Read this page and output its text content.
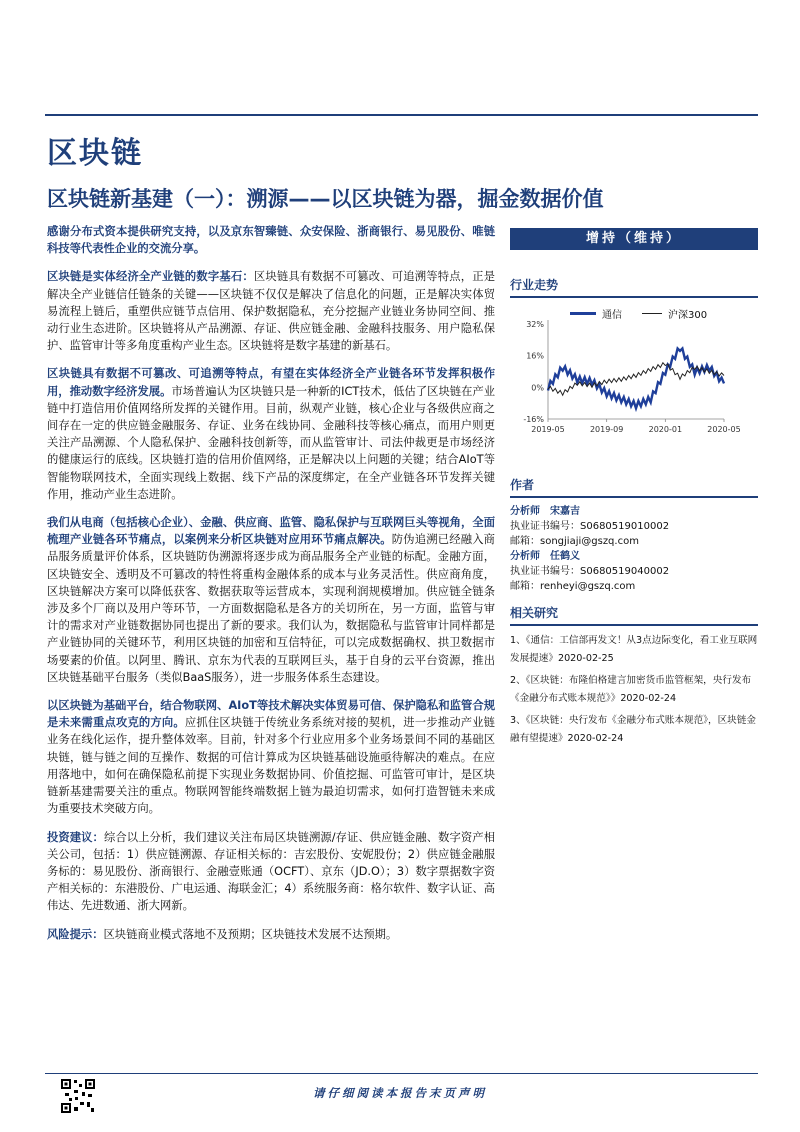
区块链
区块链新基建（一）：溯源——以区块链为器，掘金数据价值

感谢分布式资本提供研究支持，以及京东智臻链、众安保险、浙商银行、易见股份、唯链科技等代表性企业的交流分享。

区块链是实体经济全产业链的数字基石：区块链具有数据不可篡改、可追溯等特点，正是解决全产业链信任链条的关键——区块链不仅仅是解决了信息化的问题，正是解决实体贸易流程上链后，重塑供应链节点信用、保护数据隐私，充分挖掘产业链业务协同空间、推动行业生态进阶。区块链将从产品溯源、存证、供应链金融、金融科技服务、用户隐私保护、监管审计等多角度重构产业生态。区块链将是数字基建的新基石。

区块链具有数据不可篡改、可追溯等特点，有望在实体经济全产业链各环节发挥积极作用，推动数字经济发展。市场普遍认为区块链只是一种新的ICT技术，低估了区块链在产业链中打造信用价值网络所发挥的关键作用。目前，纵观产业链，核心企业与各级供应商之间存在一定的供应链金融服务、存证、业务在线协同、金融科技等核心痛点，而用户则更关注产品溯源、个人隐私保护、金融科技创新等，而从监管审计、司法仲裁更是市场经济的健康运行的底线。区块链打造的信用价值网络，正是解决以上问题的关键；结合AIoT等智能物联网技术，全面实现线上数据、线下产品的深度绑定，在全产业链各环节发挥关键作用，推动产业生态进阶。

我们从电商（包括核心企业）、金融、供应商、监管、隐私保护与互联网巨头等视角，全面梳理产业链各环节痛点，以案例来分析区块链对应用环节痛点解决。防伪追溯已经融入商品服务质量评价体系，区块链防伪溯源将逐步成为商品服务全产业链的标配。金融方面，区块链安全、透明及不可篡改的特性将重构金融体系的成本与业务灵活性。供应商角度，区块链解决方案可以降低获客、数据获取等运营成本，实现利润规模增加。供应链全链条涉及多个厂商以及用户等环节，一方面数据隐私是各方的关切所在，另一方面，监管与审计的需求对产业链数据协同也提出了新的要求。我们认为，数据隐私与监管审计同样都是产业链协同的关键环节，利用区块链的加密和互信特征，可以完成数据确权、拱卫数据市场要素的价值。以阿里、腾讯、京东为代表的互联网巨头，基于自身的云平台资源，推出区块链基础平台服务（类似BaaS服务），进一步服务体系生态建设。

以区块链为基础平台，结合物联网、AIoT等技术解决实体贸易可信、保护隐私和监管合规是未来需重点攻克的方向。应抓住区块链于传统业务系统对接的契机，进一步推动产业链业务在线化运作，提升整体效率。目前，针对多个行业应用多个业务场景间不同的基础区块链，链与链之间的互操作、数据的可信计算成为区块链基础设施亟待解决的难点。在应用落地中，如何在确保隐私前提下实现业务数据协同、价值挖掘、可监管可审计，是区块链新基建需要关注的重点。物联网智能终端数据上链为最迫切需求，如何打造智链未来成为重要技术突破方向。

投资建议：综合以上分析，我们建议关注布局区块链溯源/存证、供应链金融、数字资产相关公司，包括：1）供应链溯源、存证相关标的：吉宏股份、安妮股份；2）供应链金融服务标的：易见股份、浙商银行、金融壹账通（OCFT）、京东（JD.O）；3）数字票据数字资产相关标的：东港股份、广电运通、海联金汇；4）系统服务商：格尔软件、数字认证、高伟达、先进数通、浙大网新。

风险提示：区块链商业模式落地不及预期；区块链技术发展不达预期。

增持（维持）
行业走势
通信	沪深300
32%
16%
0%
-16%
2019-05	2019-09	2020-01	2020-05
作者
分析师 宋嘉吉
执业证书编号：S0680519010002
邮箱：songjiaji@gszq.com
分析师 任鹤义
执业证书编号：S0680519040002
邮箱：renheyi@gszq.com
相关研究
1、《通信：工信部再发文！从3点边际变化，看工业互联网发展提速》2020-02-25
2、《区块链：布隆伯格建言加密货币监管框架，央行发布《金融分布式账本规范》》2020-02-24
3、《区块链：央行发布《金融分布式账本规范》，区块链金融有望提速》2020-02-24
请仔细阅读本报告末页声明
